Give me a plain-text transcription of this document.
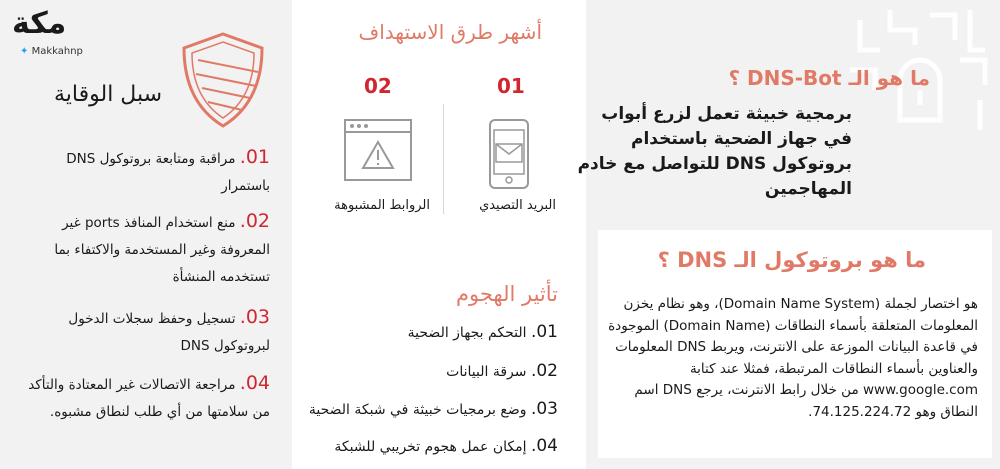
مكة
✦ Makkahnp

ما هو الـ DNS-Bot ؟

برمجية خبيثة تعمل لزرع أبواب في جهاز الضحية باستخدام بروتوكول DNS للتواصل مع خادم المهاجمين

ما هو بروتوكول الـ DNS ؟

هو اختصار لجملة (Domain Name System)، وهو نظام يخزن المعلومات المتعلقة بأسماء النطاقات (Domain Name) الموجودة في قاعدة البيانات الموزعة على الانترنت، ويربط DNS المعلومات والعناوين بأسماء النطاقات المرتبطة، فمثلا عند كتابة www.google.com من خلال رابط الانترنت، يرجع DNS اسم النطاق وهو 74.125.224.72.

أشهر طرق الاستهداف

01
02
البريد التصيدي
الروابط المشبوهة

تأثير الهجوم

01. التحكم بجهاز الضحية
02. سرقة البيانات
03. وضع برمجيات خبيثة في شبكة الضحية
04. إمكان عمل هجوم تخريبي للشبكة
سبل الوقاية
01. مراقبة ومتابعة بروتوكول DNS باستمرار
02. منع استخدام المنافذ ports غير المعروفة وغير المستخدمة والاكتفاء بما تستخدمه المنشأة
03. تسجيل وحفظ سجلات الدخول لبروتوكول DNS
04. مراجعة الاتصالات غير المعتادة والتأكد من سلامتها من أي طلب لنطاق مشبوه.
